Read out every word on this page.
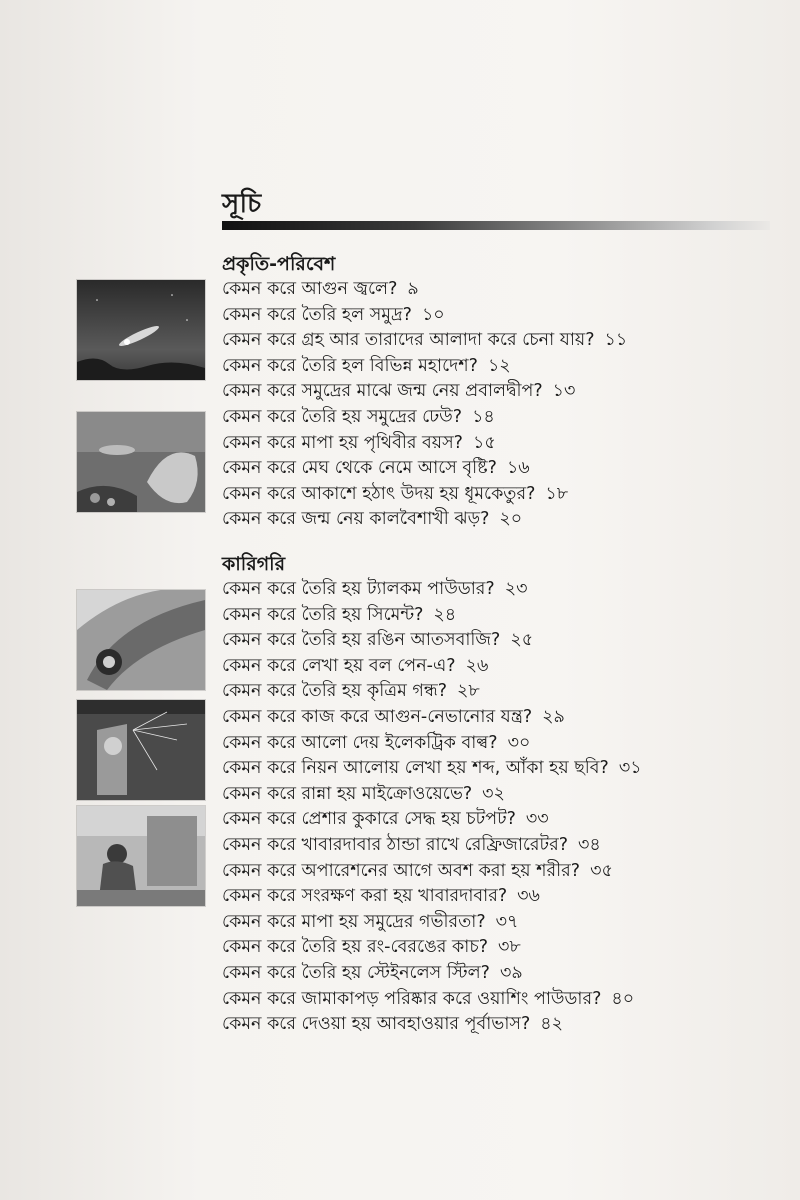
সূচি
প্রকৃতি-পরিবেশ
কেমন করে আগুন জ্বলে? ৯
কেমন করে তৈরি হল সমুদ্র? ১০
কেমন করে গ্রহ আর তারাদের আলাদা করে চেনা যায়? ১১
কেমন করে তৈরি হল বিভিন্ন মহাদেশ? ১২
কেমন করে সমুদ্রের মাঝে জন্ম নেয় প্রবালদ্বীপ? ১৩
কেমন করে তৈরি হয় সমুদ্রের ঢেউ? ১৪
কেমন করে মাপা হয় পৃথিবীর বয়স? ১৫
কেমন করে মেঘ থেকে নেমে আসে বৃষ্টি? ১৬
কেমন করে আকাশে হঠাৎ উদয় হয় ধূমকেতুর? ১৮
কেমন করে জন্ম নেয় কালবৈশাখী ঝড়? ২০
কারিগরি
কেমন করে তৈরি হয় ট্যালকম পাউডার? ২৩
কেমন করে তৈরি হয় সিমেন্ট? ২৪
কেমন করে তৈরি হয় রঙিন আতসবাজি? ২৫
কেমন করে লেখা হয় বল পেন-এ? ২৬
কেমন করে তৈরি হয় কৃত্রিম গন্ধ? ২৮
কেমন করে কাজ করে আগুন-নেভানোর যন্ত্র? ২৯
কেমন করে আলো দেয় ইলেকট্রিক বাল্ব? ৩০
কেমন করে নিয়ন আলোয় লেখা হয় শব্দ, আঁকা হয় ছবি? ৩১
কেমন করে রান্না হয় মাইক্রোওয়েভে? ৩২
কেমন করে প্রেশার কুকারে সেদ্ধ হয় চটপট? ৩৩
কেমন করে খাবারদাবার ঠান্ডা রাখে রেফ্রিজারেটর? ৩৪
কেমন করে অপারেশনের আগে অবশ করা হয় শরীর? ৩৫
কেমন করে সংরক্ষণ করা হয় খাবারদাবার? ৩৬
কেমন করে মাপা হয় সমুদ্রের গভীরতা? ৩৭
কেমন করে তৈরি হয় রং-বেরঙের কাচ? ৩৮
কেমন করে তৈরি হয় স্টেইনলেস স্টিল? ৩৯
কেমন করে জামাকাপড় পরিষ্কার করে ওয়াশিং পাউডার? ৪০
কেমন করে দেওয়া হয় আবহাওয়ার পূর্বাভাস? ৪২
